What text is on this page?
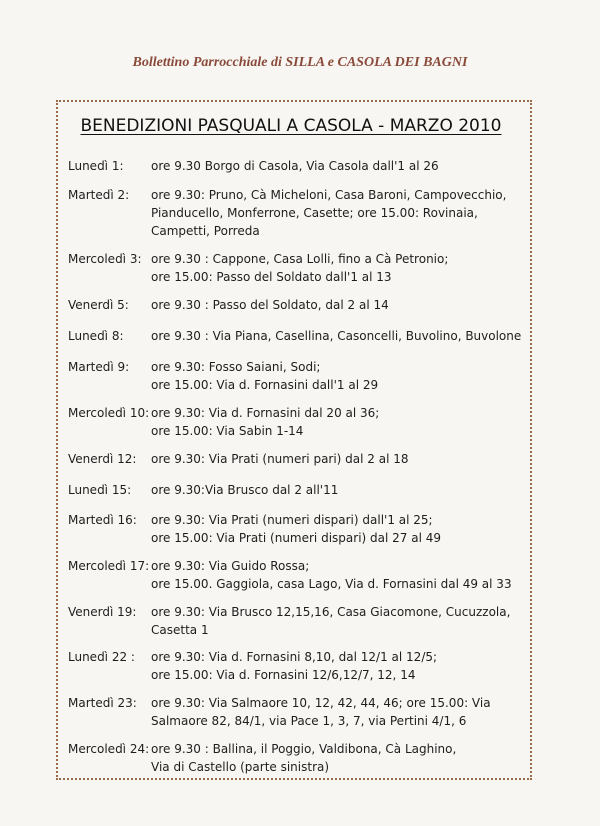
Bollettino Parrocchiale di SILLA e CASOLA DEI BAGNI
BENEDIZIONI PASQUALI A CASOLA - MARZO 2010
Lunedì 1:	ore 9.30 Borgo di Casola, Via Casola dall'1 al 26
Martedì 2:	ore 9.30: Pruno, Cà Micheloni, Casa Baroni, Campovecchio,
Pianducello, Monferrone, Casette; ore 15.00: Rovinaia,
Campetti, Porreda
Mercoledì 3: ore 9.30 : Cappone, Casa Lolli, fino a Cà Petronio;
ore 15.00: Passo del Soldato dall'1 al 13
Venerdì 5:	ore 9.30 : Passo del Soldato, dal 2 al 14
Lunedì 8:	ore 9.30 : Via Piana, Casellina, Casoncelli, Buvolino, Buvolone
Martedì 9:	ore 9.30: Fosso Saiani, Sodi;
ore 15.00: Via d. Fornasini dall'1 al 29
Mercoledì 10: ore 9.30: Via d. Fornasini dal 20 al 36;
ore 15.00: Via Sabin 1-14
Venerdì 12:	ore 9.30: Via Prati (numeri pari) dal 2 al 18
Lunedì 15:	ore 9.30:Via Brusco dal 2 all'11
Martedì 16:	ore 9.30: Via Prati (numeri dispari) dall'1 al 25;
ore 15.00: Via Prati (numeri dispari) dal 27 al 49
Mercoledì 17: ore 9.30: Via Guido Rossa;
ore 15.00. Gaggiola, casa Lago, Via d. Fornasini dal 49 al 33
Venerdì 19:	ore 9.30: Via Brusco 12,15,16, Casa Giacomone, Cucuzzola,
Casetta 1
Lunedì 22 :	ore 9.30: Via d. Fornasini 8,10, dal 12/1 al 12/5;
ore 15.00: Via d. Fornasini 12/6,12/7, 12, 14
Martedì 23:	ore 9.30: Via Salmaore 10, 12, 42, 44, 46; ore 15.00: Via
Salmaore 82, 84/1, via Pace 1, 3, 7, via Pertini 4/1, 6
Mercoledì 24: ore 9.30 : Ballina, il Poggio, Valdibona, Cà Laghino,
Via di Castello (parte sinistra)
